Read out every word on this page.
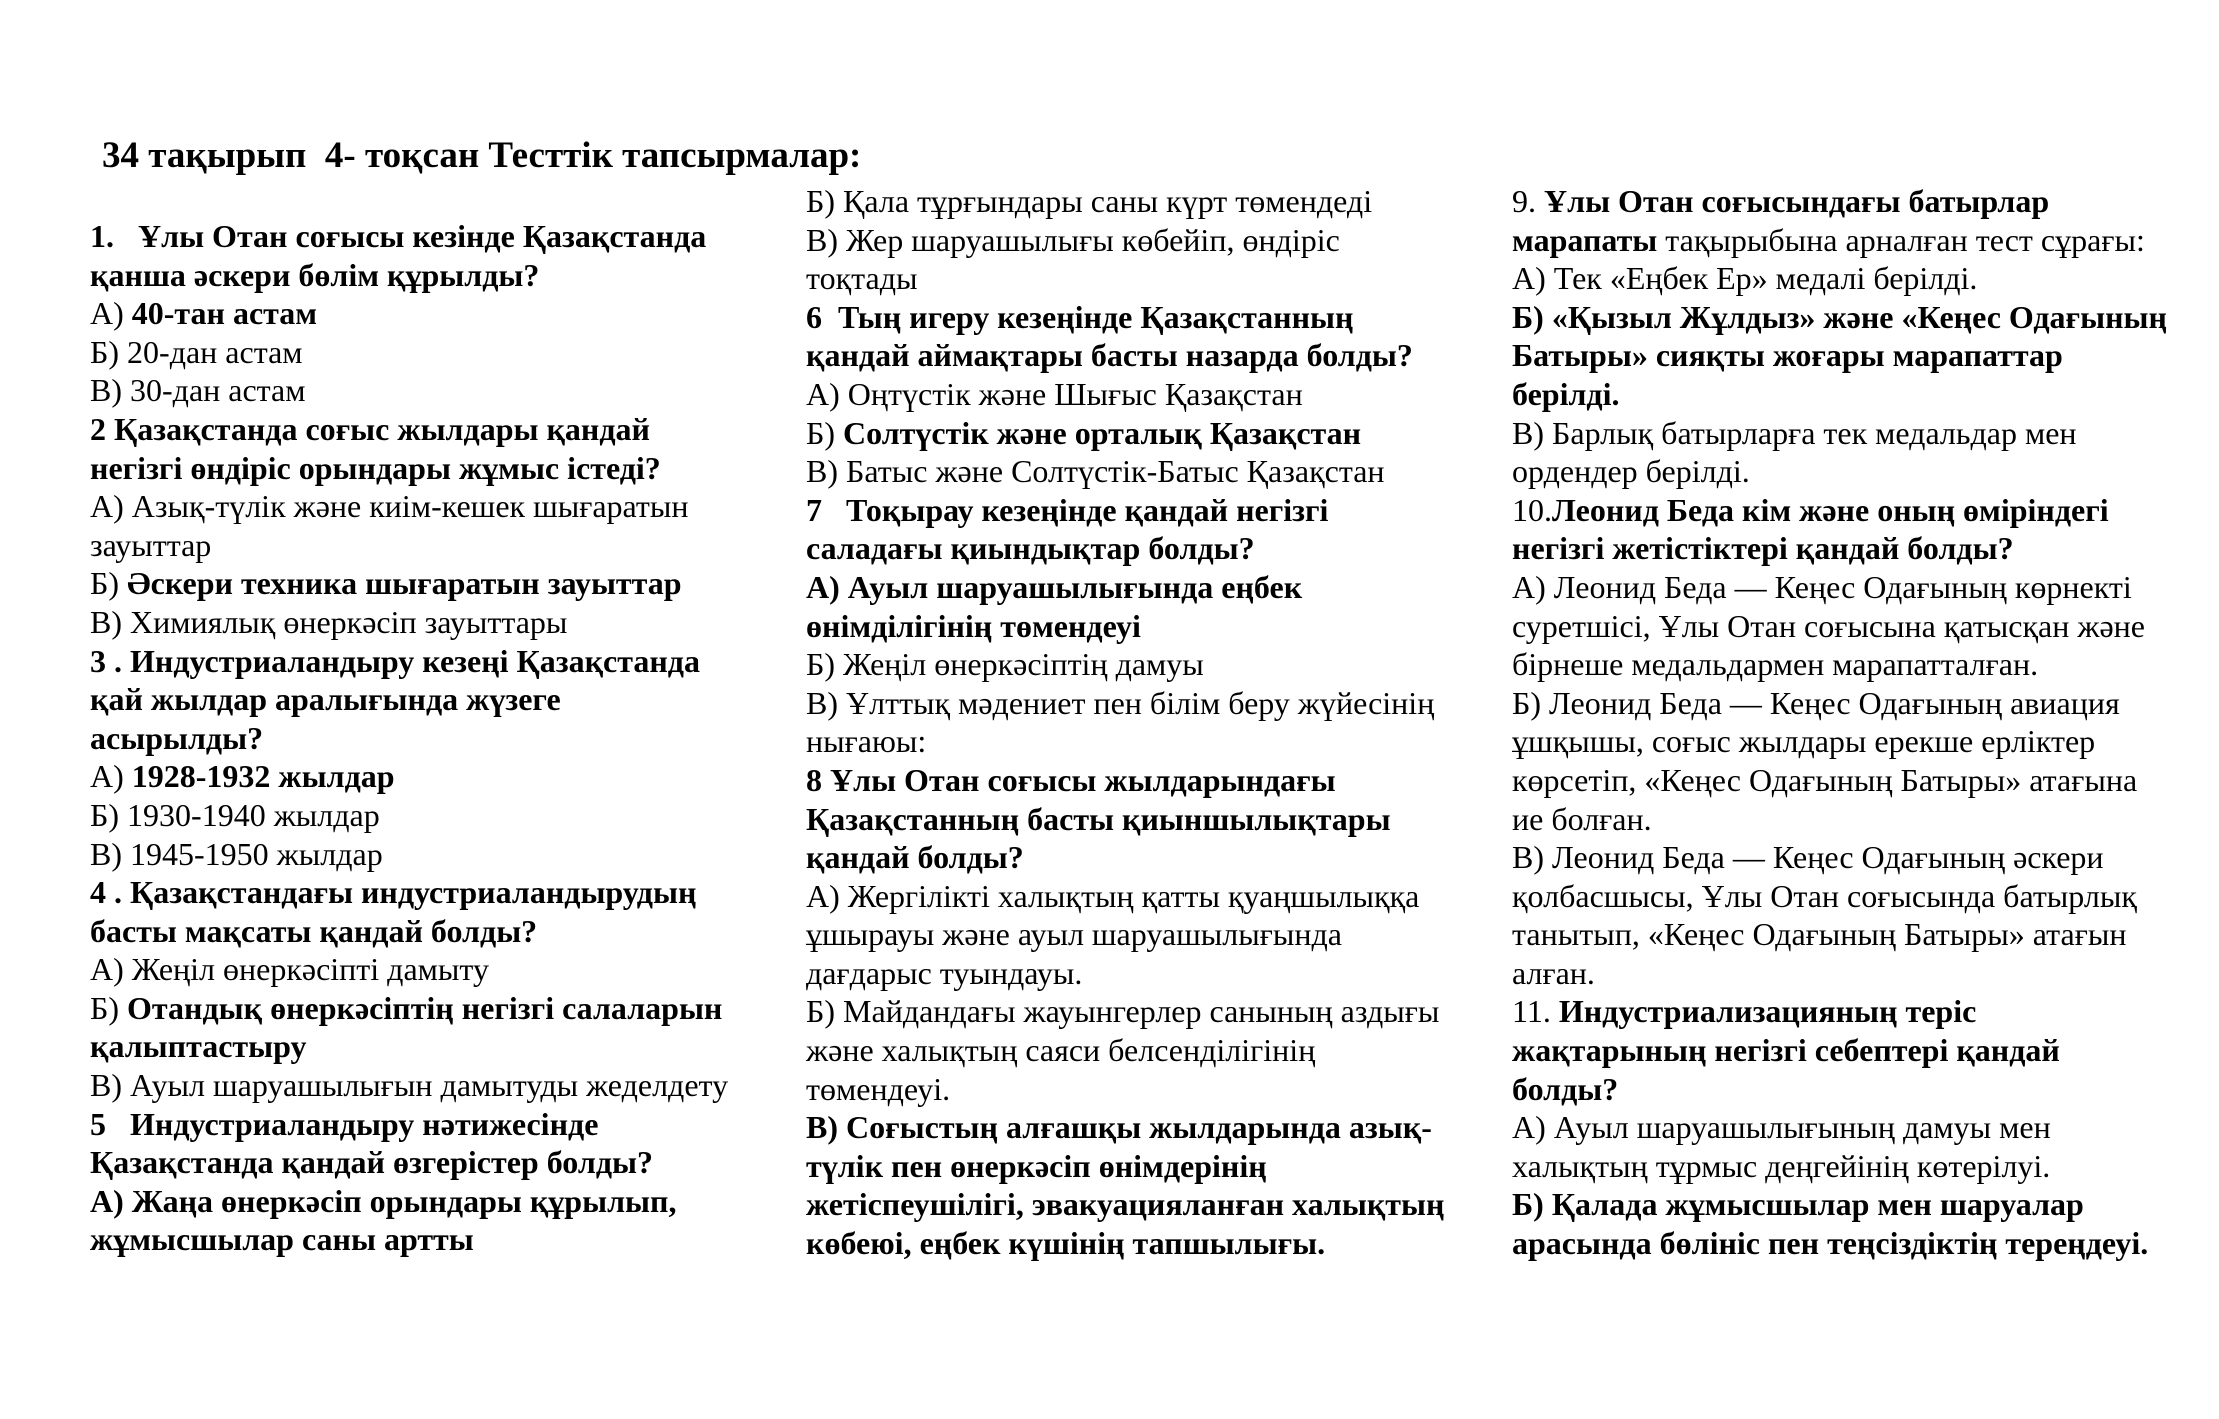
34 тақырып  4- тоқсан Тесттік тапсырмалар:

1.   Ұлы Отан соғысы кезінде Қазақстанда қанша әскери бөлім құрылды?

А) 40-тан астам

Б) 20-дан астам

В) 30-дан астам

2 Қазақстанда соғыс жылдары қандай негізгі өндіріс орындары жұмыс істеді?

А) Азық-түлік және киім-кешек шығаратын зауыттар

Б) Әскери техника шығаратын зауыттар

В) Химиялық өнеркәсіп зауыттары

3 . Индустриаландыру кезеңі Қазақстанда қай жылдар аралығында жүзеге асырылды?

А) 1928-1932 жылдар

Б) 1930-1940 жылдар

В) 1945-1950 жылдар

4 . Қазақстандағы индустриаландырудың басты мақсаты қандай болды?

А) Жеңіл өнеркәсіпті дамыту

Б) Отандық өнеркәсіптің негізгі салаларын қалыптастыру

В) Ауыл шаруашылығын дамытуды жеделдету

5   Индустриаландыру нәтижесінде Қазақстанда қандай өзгерістер болды?

А) Жаңа өнеркәсіп орындары құрылып, жұмысшылар саны артты

Б) Қала тұрғындары саны күрт төмендеді

В) Жер шаруашылығы көбейіп, өндіріс тоқтады

6  Тың игеру кезеңінде Қазақстанның қандай аймақтары басты назарда болды?

А) Оңтүстік және Шығыс Қазақстан

Б) Солтүстік және орталық Қазақстан

В) Батыс және Солтүстік-Батыс Қазақстан

7   Тоқырау кезеңінде қандай негізгі саладағы қиындықтар болды?

А) Ауыл шаруашылығында еңбек өнімділігінің төмендеуі

Б) Жеңіл өнеркәсіптің дамуы

В) Ұлттық мәдениет пен білім беру жүйесінің нығаюы:

8 Ұлы Отан соғысы жылдарындағы Қазақстанның басты қиыншылықтары қандай болды?

А) Жергілікті халықтың қатты қуаңшылыққа ұшырауы және ауыл шаруашылығында дағдарыс туындауы.

Б) Майдандағы жауынгерлер санының аздығы және халықтың саяси белсенділігінің төмендеуі.

В) Соғыстың алғашқы жылдарында азық-түлік пен өнеркәсіп өнімдерінің жетіспеушілігі, эвакуацияланған халықтың көбеюі, еңбек күшінің тапшылығы.

9. Ұлы Отан соғысындағы батырлар марапаты тақырыбына арналған тест сұрағы:

А) Тек «Еңбек Ер» медалі берілді.

Б) «Қызыл Жұлдыз» және «Кеңес Одағының Батыры» сияқты жоғары марапаттар берілді.

В) Барлық батырларға тек медальдар мен ордендер берілді.

10.Леонид Беда кім және оның өміріндегі негізгі жетістіктері қандай болды?

А) Леонид Беда — Кеңес Одағының көрнекті суретшісі, Ұлы Отан соғысына қатысқан және бірнеше медальдармен марапатталған.

Б) Леонид Беда — Кеңес Одағының авиация ұшқышы, соғыс жылдары ерекше ерліктер көрсетіп, «Кеңес Одағының Батыры» атағына ие болған.

В) Леонид Беда — Кеңес Одағының әскери қолбасшысы, Ұлы Отан соғысында батырлық танытып, «Кеңес Одағының Батыры» атағын алған.

11. Индустриализацияның теріс жақтарының негізгі себептері қандай болды?

А) Ауыл шаруашылығының дамуы мен халықтың тұрмыс деңгейінің көтерілуі.

Б) Қалада жұмысшылар мен шаруалар арасында бөлініс пен теңсіздіктің тереңдеуі.
